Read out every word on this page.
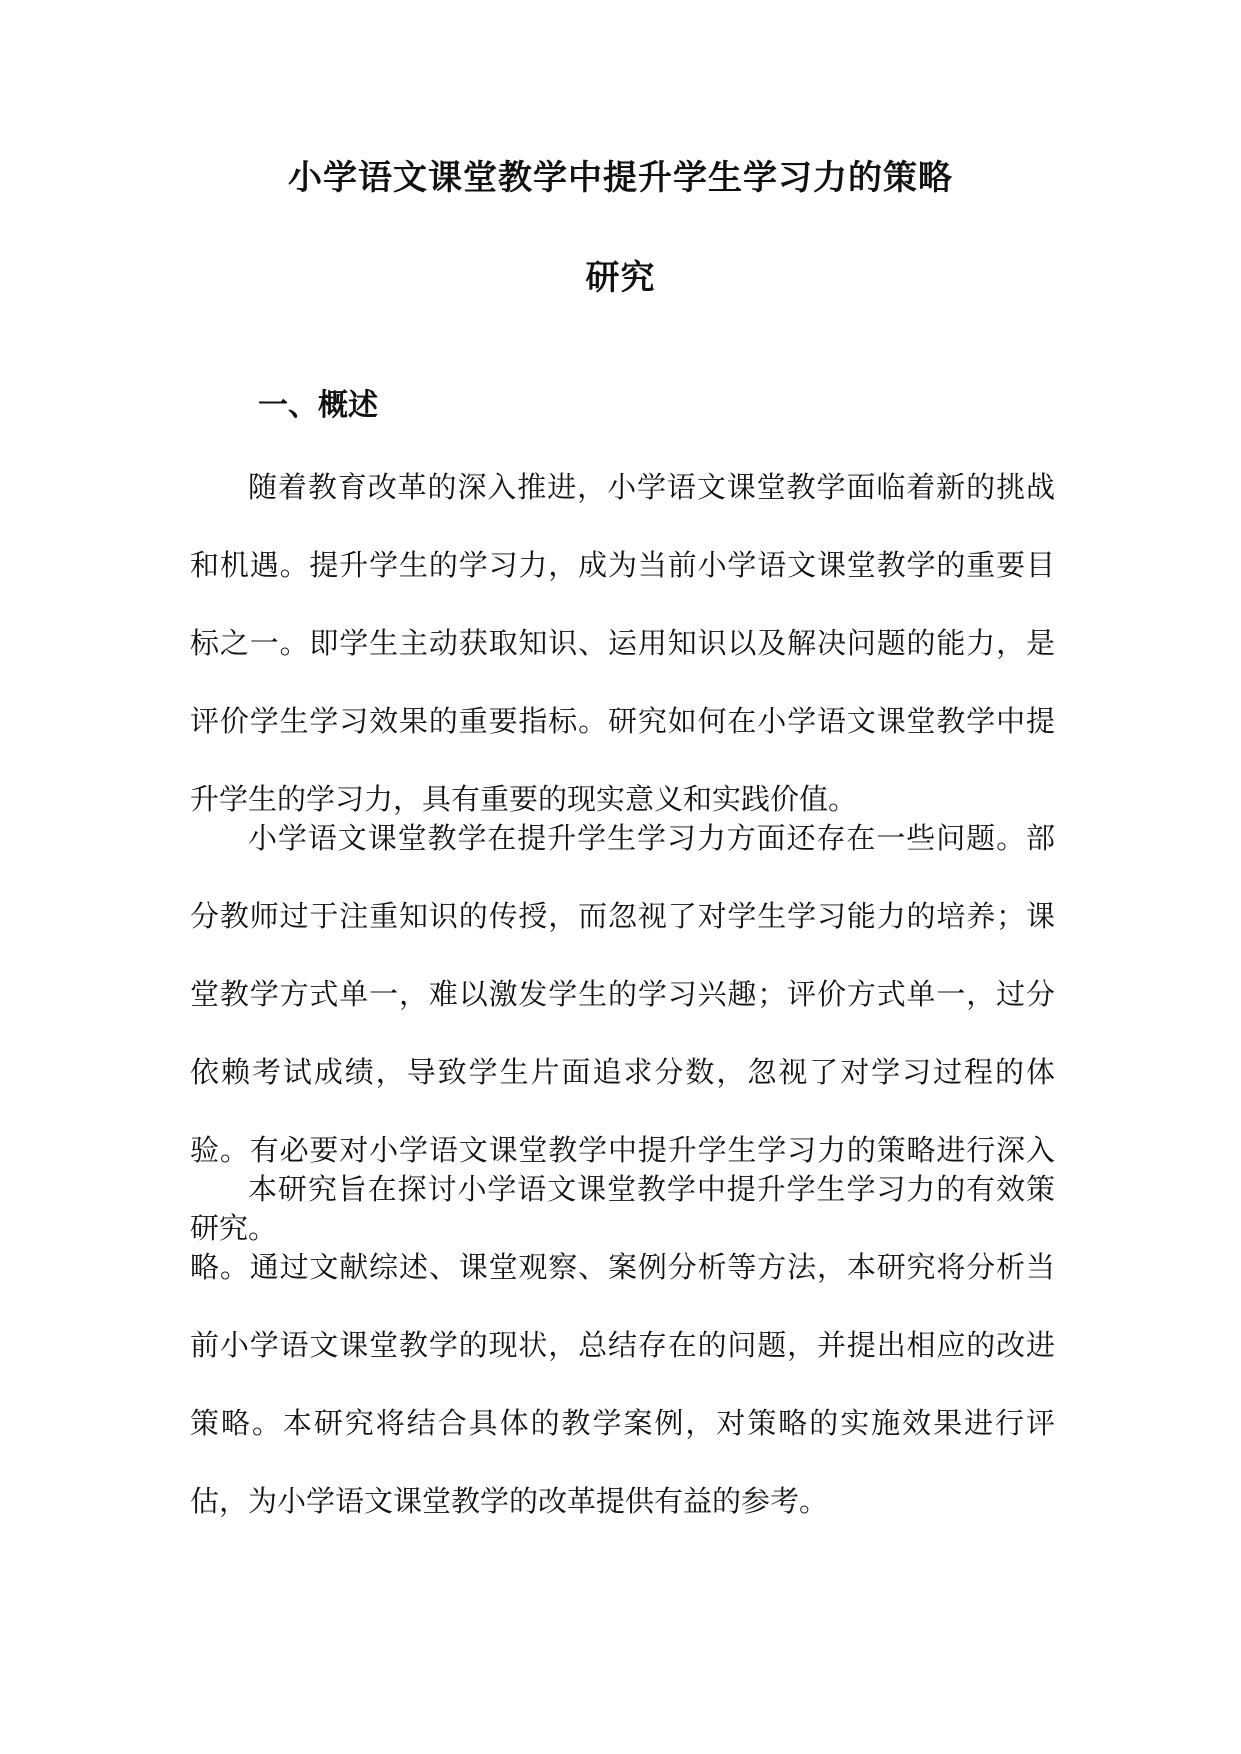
小学语文课堂教学中提升学生学习力的策略
研究
一、概述

随着教育改革的深入推进，小学语文课堂教学面临着新的挑战和机遇。提升学生的学习力，成为当前小学语文课堂教学的重要目标之一。即学生主动获取知识、运用知识以及解决问题的能力，是评价学生学习效果的重要指标。研究如何在小学语文课堂教学中提升学生的学习力，具有重要的现实意义和实践价值。

小学语文课堂教学在提升学生学习力方面还存在一些问题。部分教师过于注重知识的传授，而忽视了对学生学习能力的培养；课堂教学方式单一，难以激发学生的学习兴趣；评价方式单一，过分依赖考试成绩，导致学生片面追求分数，忽视了对学习过程的体验。有必要对小学语文课堂教学中提升学生学习力的策略进行深入研究。

本研究旨在探讨小学语文课堂教学中提升学生学习力的有效策略。通过文献综述、课堂观察、案例分析等方法，本研究将分析当前小学语文课堂教学的现状，总结存在的问题，并提出相应的改进策略。本研究将结合具体的教学案例，对策略的实施效果进行评估，为小学语文课堂教学的改革提供有益的参考。
